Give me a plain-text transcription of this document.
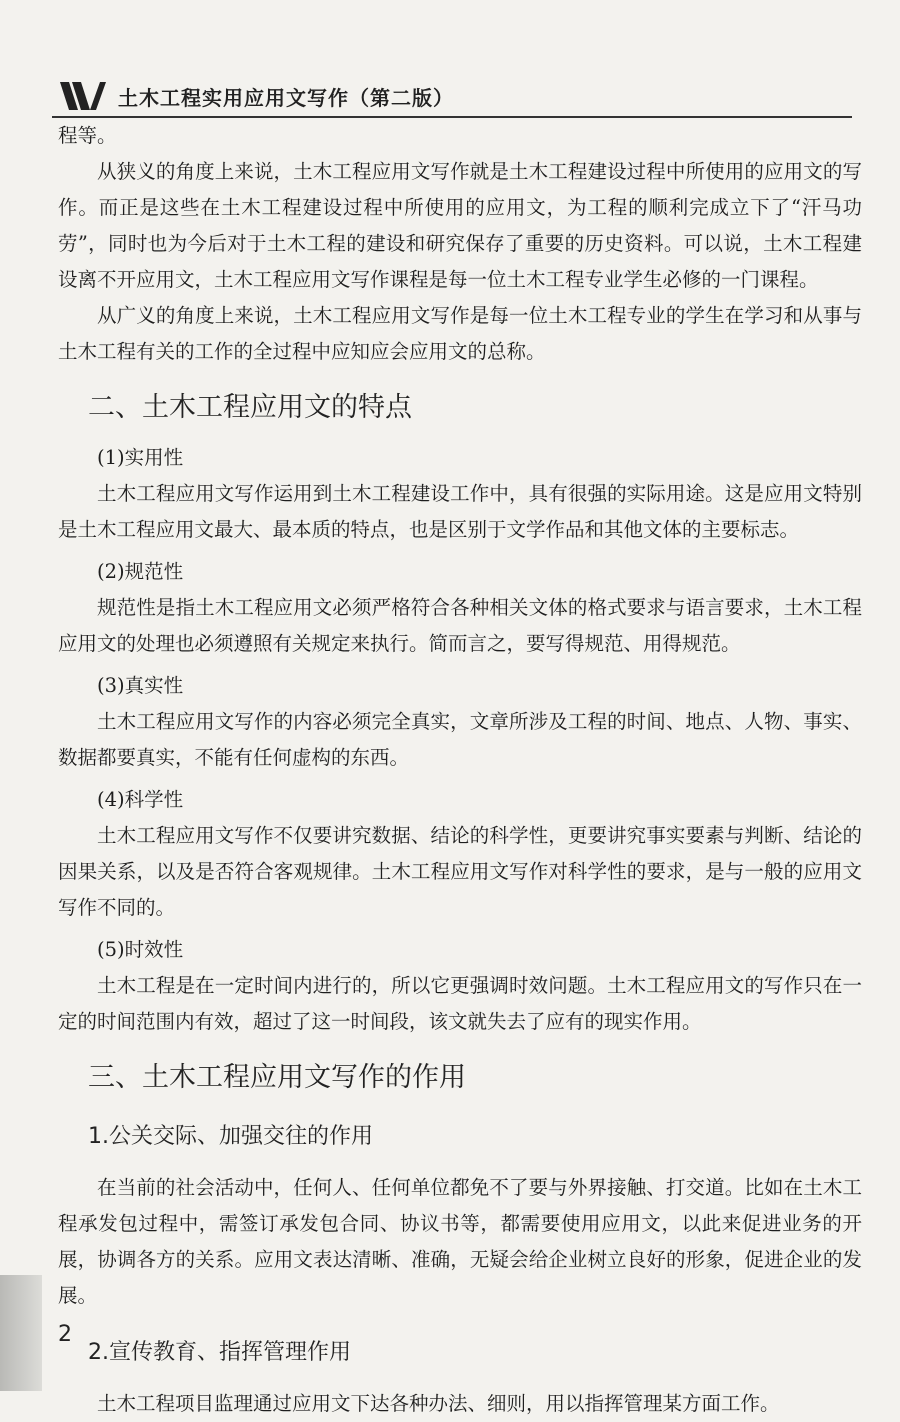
土木工程实用应用文写作（第二版）

程等。

从狭义的角度上来说，土木工程应用文写作就是土木工程建设过程中所使用的应用文的写作。而正是这些在土木工程建设过程中所使用的应用文，为工程的顺利完成立下了“汗马功劳”，同时也为今后对于土木工程的建设和研究保存了重要的历史资料。可以说，土木工程建设离不开应用文，土木工程应用文写作课程是每一位土木工程专业学生必修的一门课程。

从广义的角度上来说，土木工程应用文写作是每一位土木工程专业的学生在学习和从事与土木工程有关的工作的全过程中应知应会应用文的总称。

二、土木工程应用文的特点

(1)实用性

土木工程应用文写作运用到土木工程建设工作中，具有很强的实际用途。这是应用文特别是土木工程应用文最大、最本质的特点，也是区别于文学作品和其他文体的主要标志。

(2)规范性

规范性是指土木工程应用文必须严格符合各种相关文体的格式要求与语言要求，土木工程应用文的处理也必须遵照有关规定来执行。简而言之，要写得规范、用得规范。

(3)真实性

土木工程应用文写作的内容必须完全真实，文章所涉及工程的时间、地点、人物、事实、数据都要真实，不能有任何虚构的东西。

(4)科学性

土木工程应用文写作不仅要讲究数据、结论的科学性，更要讲究事实要素与判断、结论的因果关系，以及是否符合客观规律。土木工程应用文写作对科学性的要求，是与一般的应用文写作不同的。

(5)时效性

土木工程是在一定时间内进行的，所以它更强调时效问题。土木工程应用文的写作只在一定的时间范围内有效，超过了这一时间段，该文就失去了应有的现实作用。

三、土木工程应用文写作的作用
1.公关交际、加强交往的作用

在当前的社会活动中，任何人、任何单位都免不了要与外界接触、打交道。比如在土木工程承发包过程中，需签订承发包合同、协议书等，都需要使用应用文，以此来促进业务的开展，协调各方的关系。应用文表达清晰、准确，无疑会给企业树立良好的形象，促进企业的发展。

2.宣传教育、指挥管理作用

土木工程项目监理通过应用文下达各种办法、细则，用以指挥管理某方面工作。

2
